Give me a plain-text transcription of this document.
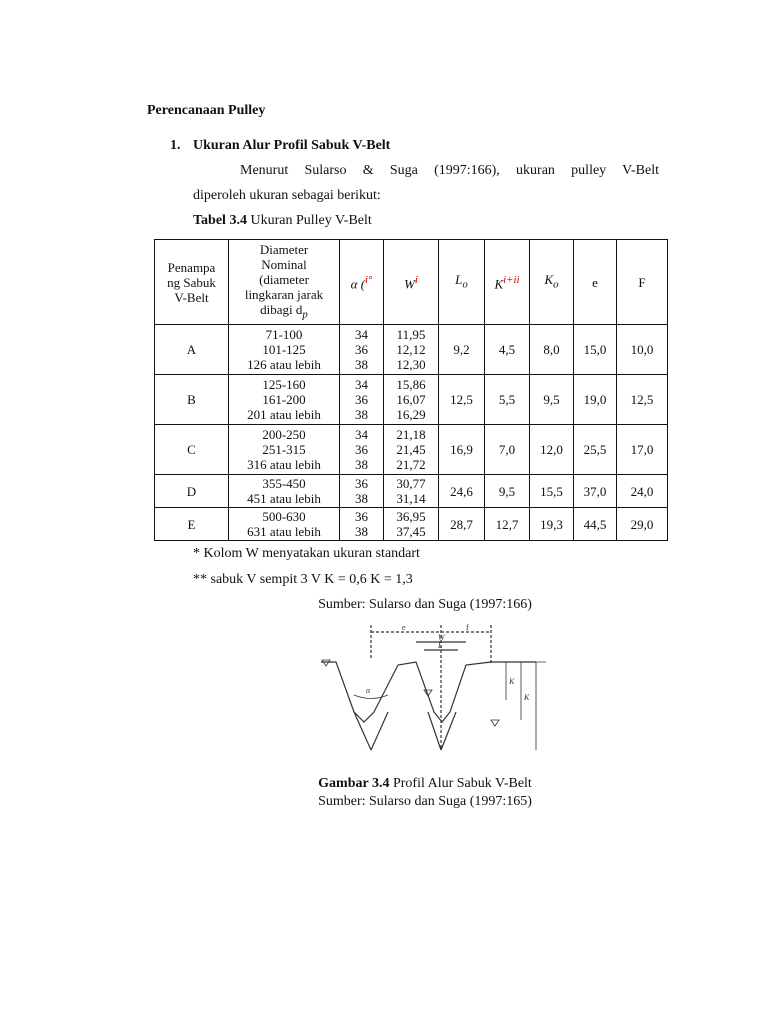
Perencanaan Pulley
1. Ukuran Alur Profil Sabuk V-Belt
Menurut Sularso & Suga (1997:166), ukuran pulley V-Belt
diperoleh ukuran sebagai berikut:
Tabel 3.4 Ukuran Pulley V-Belt
Penampa
ng Sabuk
V-Belt	Diameter
Nominal
(diameter
lingkaran jarak
dibagi $d_p$	α ($^{i^\circ}$	$W^i$	$L_o$	$K^{i+ii}$	$K_o$	e	F
A	71-100
101-125
126 atau lebih	34
36
38	11,95
12,12
12,30	9,2	4,5	8,0	15,0	10,0
B	125-160
161-200
201 atau lebih	34
36
38	15,86
16,07
16,29	12,5	5,5	9,5	19,0	12,5
C	200-250
251-315
316 atau lebih	34
36
38	21,18
21,45
21,72	16,9	7,0	12,0	25,5	17,0
D	355-450
451 atau lebih	36
38	30,77
31,14	24,6	9,5	15,5	37,0	24,0
E	500-630
631 atau lebih	36
38	36,95
37,45	28,7	12,7	19,3	44,5	29,0
* Kolom W menyatakan ukuran standart
** sabuk V sempit 3 V K = 0,6 K = 1,3
Sumber: Sularso dan Suga (1997:166)
e	f
W
L
α
K
K
Gambar 3.4 Profil Alur Sabuk V-Belt
Sumber: Sularso dan Suga (1997:165)
